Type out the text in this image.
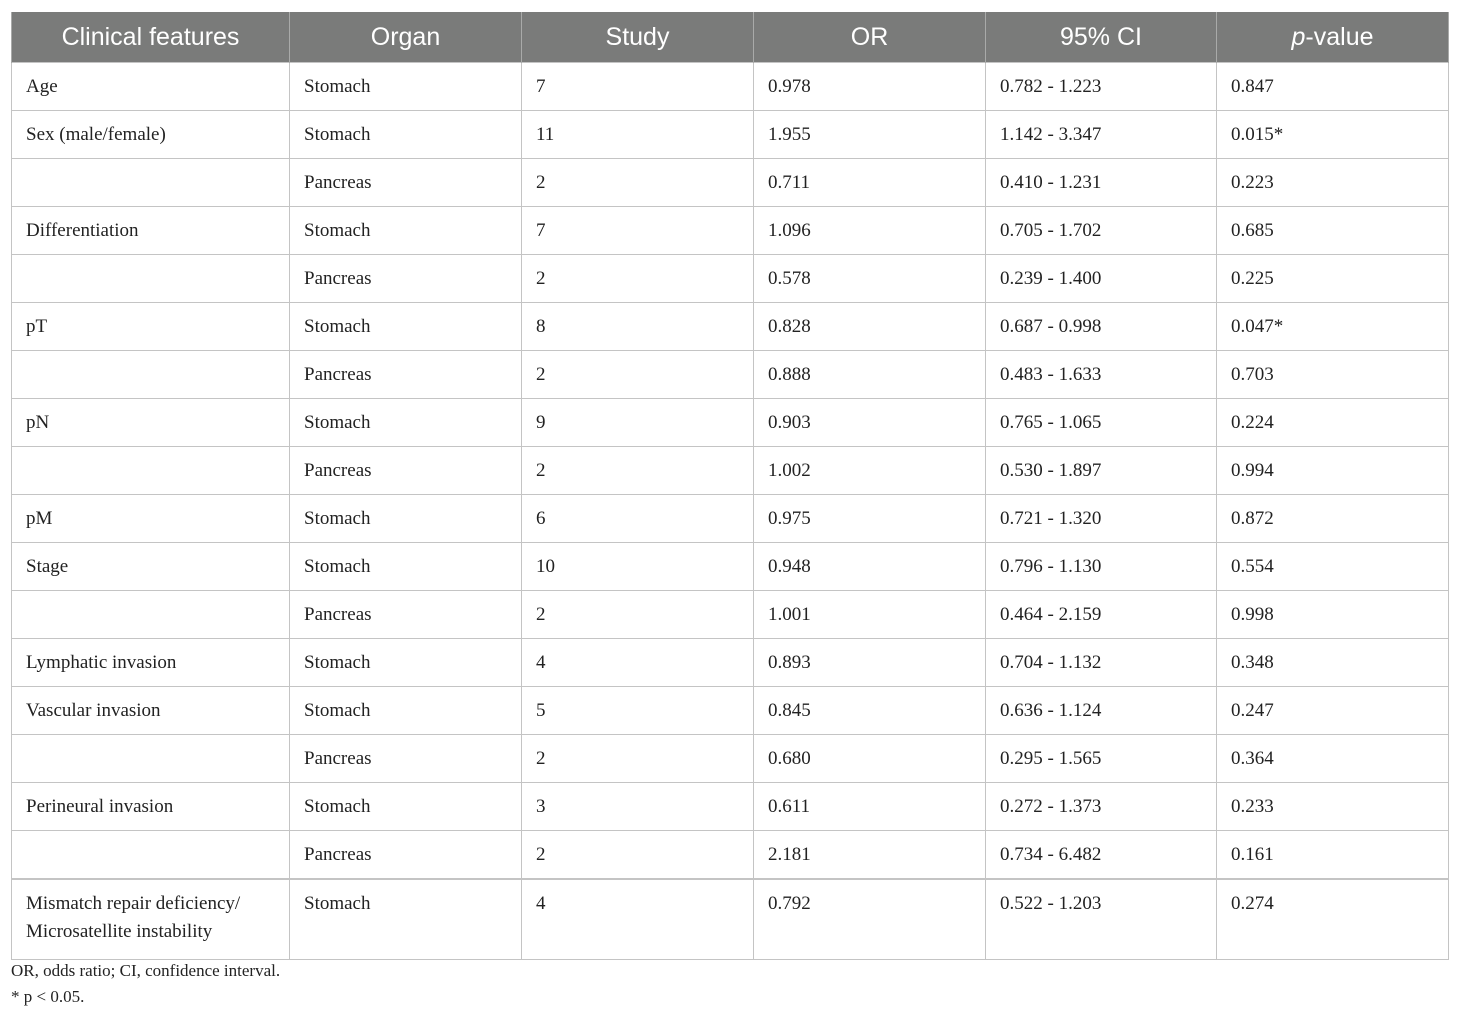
Clinical features	Organ	Study	OR	95% CI	p-value
Age	Stomach	7	0.978	0.782 - 1.223	0.847
Sex (male/female)	Stomach	11	1.955	1.142 - 3.347	0.015*
	Pancreas	2	0.711	0.410 - 1.231	0.223
Differentiation	Stomach	7	1.096	0.705 - 1.702	0.685
	Pancreas	2	0.578	0.239 - 1.400	0.225
pT	Stomach	8	0.828	0.687 - 0.998	0.047*
	Pancreas	2	0.888	0.483 - 1.633	0.703
pN	Stomach	9	0.903	0.765 - 1.065	0.224
	Pancreas	2	1.002	0.530 - 1.897	0.994
pM	Stomach	6	0.975	0.721 - 1.320	0.872
Stage	Stomach	10	0.948	0.796 - 1.130	0.554
	Pancreas	2	1.001	0.464 - 2.159	0.998
Lymphatic invasion	Stomach	4	0.893	0.704 - 1.132	0.348
Vascular invasion	Stomach	5	0.845	0.636 - 1.124	0.247
	Pancreas	2	0.680	0.295 - 1.565	0.364
Perineural invasion	Stomach	3	0.611	0.272 - 1.373	0.233
	Pancreas	2	2.181	0.734 - 6.482	0.161
Mismatch repair deficiency/
Microsatellite instability	Stomach	4	0.792	0.522 - 1.203	0.274
OR, odds ratio; CI, confidence interval.
* p < 0.05.
